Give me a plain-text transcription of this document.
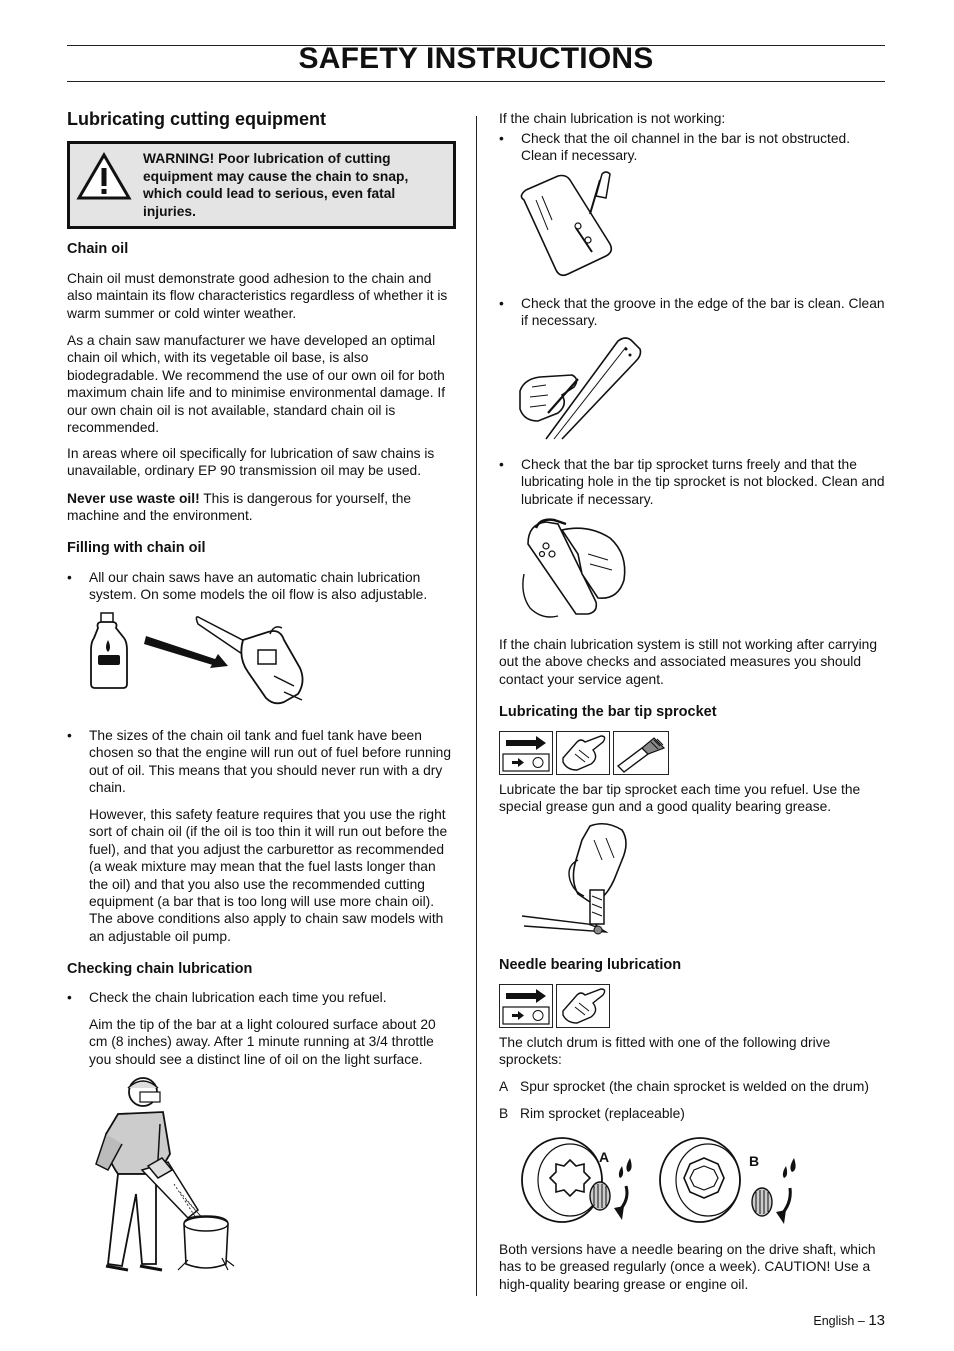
SAFETY INSTRUCTIONS
Lubricating cutting equipment
WARNING! Poor lubrication of cutting equipment may cause the chain to snap, which could lead to serious, even fatal injuries.
Chain oil
Chain oil must demonstrate good adhesion to the chain and also maintain its flow characteristics regardless of whether it is warm summer or cold winter weather.
As a chain saw manufacturer we have developed an optimal chain oil which, with its vegetable oil base, is also biodegradable. We recommend the use of our own oil for both maximum chain life and to minimise environmental damage. If our own chain oil is not available, standard chain oil is recommended.
In areas where oil specifically for lubrication of saw chains is unavailable, ordinary EP 90 transmission oil may be used.
Never use waste oil! This is dangerous for yourself, the machine and the environment.
Filling with chain oil
• All our chain saws have an automatic chain lubrication system. On some models the oil flow is also adjustable.
• The sizes of the chain oil tank and fuel tank have been chosen so that the engine will run out of fuel before running out of oil. This means that you should never run with a dry chain.
However, this safety feature requires that you use the right sort of chain oil (if the oil is too thin it will run out before the fuel), and that you adjust the carburettor as recommended (a weak mixture may mean that the fuel lasts longer than the oil) and that you also use the recommended cutting equipment (a bar that is too long will use more chain oil). The above conditions also apply to chain saw models with an adjustable oil pump.
Checking chain lubrication
• Check the chain lubrication each time you refuel.
Aim the tip of the bar at a light coloured surface about 20 cm (8 inches) away. After 1 minute running at 3/4 throttle you should see a distinct line of oil on the light surface.
If the chain lubrication is not working:
• Check that the oil channel in the bar is not obstructed. Clean if necessary.
• Check that the groove in the edge of the bar is clean. Clean if necessary.
• Check that the bar tip sprocket turns freely and that the lubricating hole in the tip sprocket is not blocked. Clean and lubricate if necessary.
If the chain lubrication system is still not working after carrying out the above checks and associated measures you should contact your service agent.
Lubricating the bar tip sprocket
Lubricate the bar tip sprocket each time you refuel. Use the special grease gun and a good quality bearing grease.
Needle bearing lubrication
The clutch drum is fitted with one of the following drive sprockets:
A Spur sprocket (the chain sprocket is welded on the drum)
B Rim sprocket (replaceable)
A	B
Both versions have a needle bearing on the drive shaft, which has to be greased regularly (once a week). CAUTION! Use a high-quality bearing grease or engine oil.
English – 13
